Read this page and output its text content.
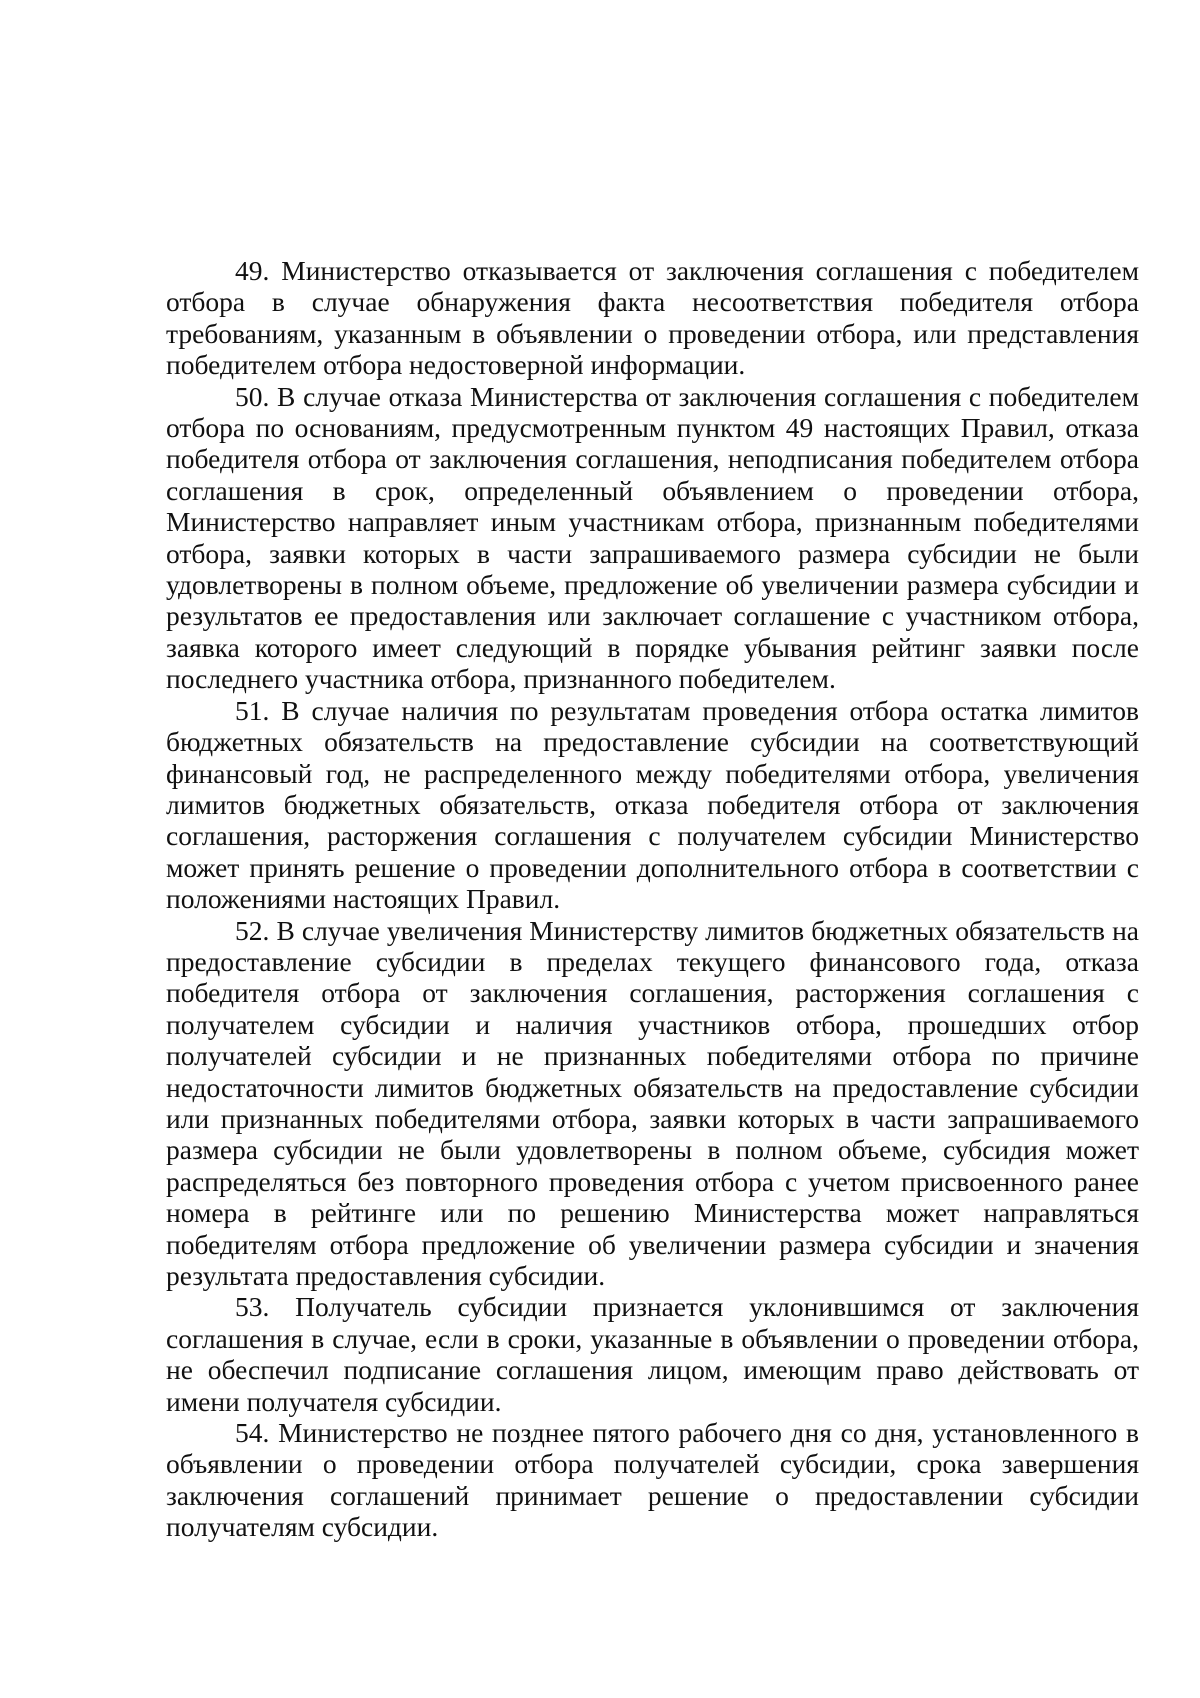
49. Министерство отказывается от заключения соглашения с победителем отбора в случае обнаружения факта несоответствия победителя отбора требованиям, указанным в объявлении о проведении отбора, или представления победителем отбора недостоверной информации.

50. В случае отказа Министерства от заключения соглашения с победителем отбора по основаниям, предусмотренным пунктом 49 настоящих Правил, отказа победителя отбора от заключения соглашения, неподписания победителем отбора соглашения в срок, определенный объявлением о проведении отбора, Министерство направляет иным участникам отбора, признанным победителями отбора, заявки которых в части запрашиваемого размера субсидии не были удовлетворены в полном объеме, предложение об увеличении размера субсидии и результатов ее предоставления или заключает соглашение с участником отбора, заявка которого имеет следующий в порядке убывания рейтинг заявки после последнего участника отбора, признанного победителем.

51. В случае наличия по результатам проведения отбора остатка лимитов бюджетных обязательств на предоставление субсидии на соответствующий финансовый год, не распределенного между победителями отбора, увеличения лимитов бюджетных обязательств, отказа победителя отбора от заключения соглашения, расторжения соглашения с получателем субсидии Министерство может принять решение о проведении дополнительного отбора в соответствии с положениями настоящих Правил.

52. В случае увеличения Министерству лимитов бюджетных обязательств на предоставление субсидии в пределах текущего финансового года, отказа победителя отбора от заключения соглашения, расторжения соглашения с получателем субсидии и наличия участников отбора, прошедших отбор получателей субсидии и не признанных победителями отбора по причине недостаточности лимитов бюджетных обязательств на предоставление субсидии или признанных победителями отбора, заявки которых в части запрашиваемого размера субсидии не были удовлетворены в полном объеме, субсидия может распределяться без повторного проведения отбора с учетом присвоенного ранее номера в рейтинге или по решению Министерства может направляться победителям отбора предложение об увеличении размера субсидии и значения результата предоставления субсидии.

53. Получатель субсидии признается уклонившимся от заключения соглашения в случае, если в сроки, указанные в объявлении о проведении отбора, не обеспечил подписание соглашения лицом, имеющим право действовать от имени получателя субсидии.

54. Министерство не позднее пятого рабочего дня со дня, установленного в объявлении о проведении отбора получателей субсидии, срока завершения заключения соглашений принимает решение о предоставлении субсидии получателям субсидии.
